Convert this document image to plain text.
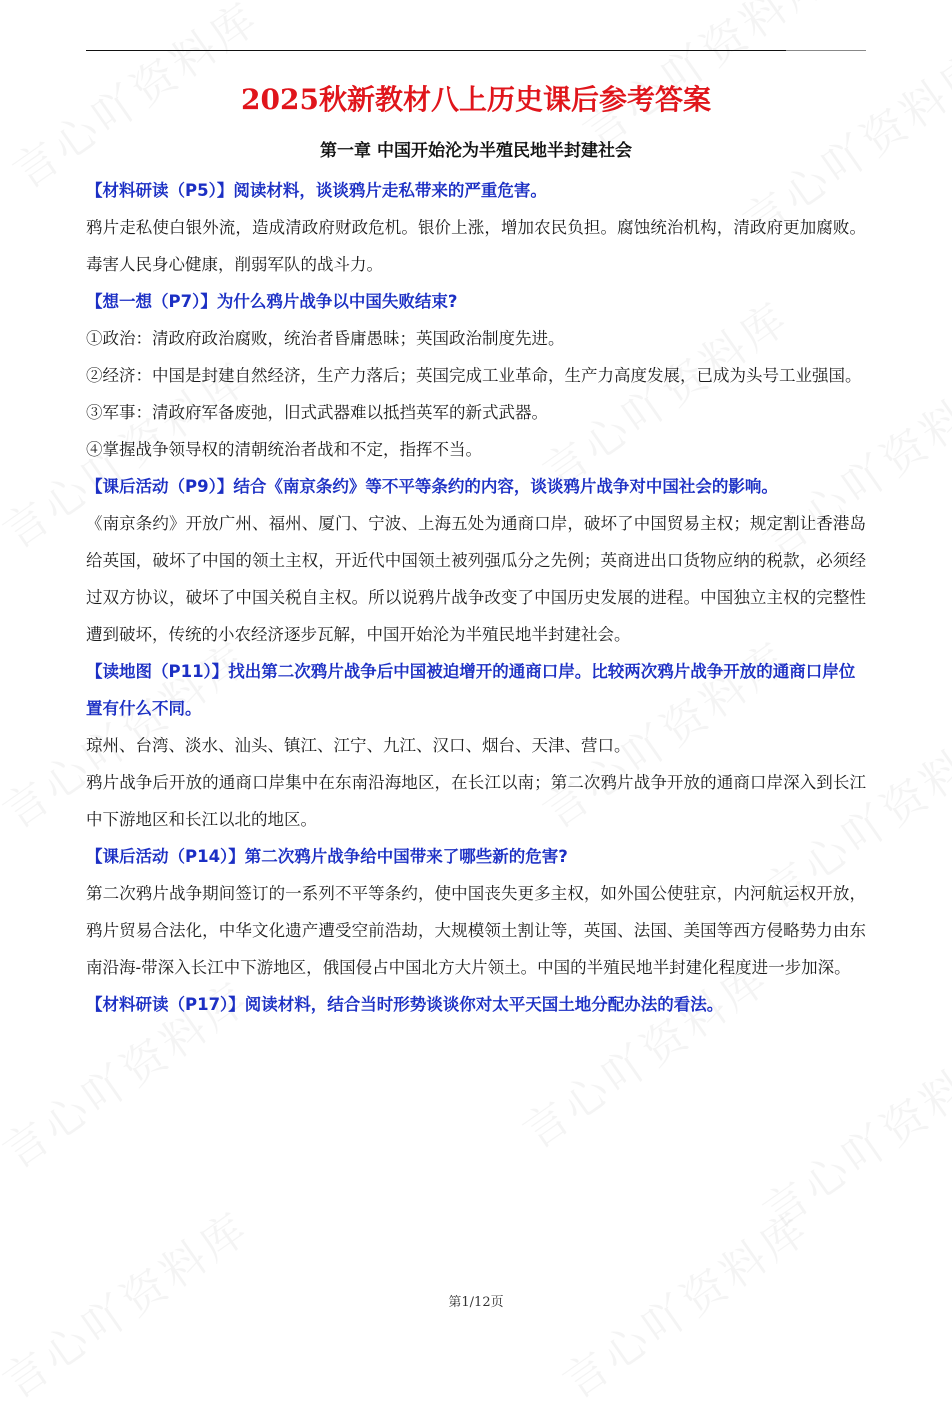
2025秋新教材八上历史课后参考答案
第一章 中国开始沦为半殖民地半封建社会
【材料研读（P5）】阅读材料，谈谈鸦片走私带来的严重危害。
鸦片走私使白银外流，造成清政府财政危机。银价上涨，增加农民负担。腐蚀统治机构，清政府更加腐败。毒害人民身心健康，削弱军队的战斗力。
【想一想（P7）】为什么鸦片战争以中国失败结束?
①政治：清政府政治腐败，统治者昏庸愚昧；英国政治制度先进。
②经济：中国是封建自然经济，生产力落后；英国完成工业革命，生产力高度发展，已成为头号工业强国。
③军事：清政府军备废弛，旧式武器难以抵挡英军的新式武器。
④掌握战争领导权的清朝统治者战和不定，指挥不当。
【课后活动（P9）】结合《南京条约》等不平等条约的内容，谈谈鸦片战争对中国社会的影响。
《南京条约》开放广州、福州、厦门、宁波、上海五处为通商口岸，破坏了中国贸易主权；规定割让香港岛给英国，破坏了中国的领土主权，开近代中国领土被列强瓜分之先例；英商进出口货物应纳的税款，必须经过双方协议，破坏了中国关税自主权。所以说鸦片战争改变了中国历史发展的进程。中国独立主权的完整性遭到破坏，传统的小农经济逐步瓦解，中国开始沦为半殖民地半封建社会。
【读地图（P11）】找出第二次鸦片战争后中国被迫增开的通商口岸。比较两次鸦片战争开放的通商口岸位置有什么不同。
琼州、台湾、淡水、汕头、镇江、江宁、九江、汉口、烟台、天津、营口。
鸦片战争后开放的通商口岸集中在东南沿海地区，在长江以南；第二次鸦片战争开放的通商口岸深入到长江中下游地区和长江以北的地区。
【课后活动（P14）】第二次鸦片战争给中国带来了哪些新的危害?
第二次鸦片战争期间签订的一系列不平等条约，使中国丧失更多主权，如外国公使驻京，内河航运权开放，鸦片贸易合法化，中华文化遗产遭受空前浩劫，大规模领土割让等，英国、法国、美国等西方侵略势力由东南沿海-带深入长江中下游地区，俄国侵占中国北方大片领土。中国的半殖民地半封建化程度进一步加深。
【材料研读（P17）】阅读材料，结合当时形势谈谈你对太平天国土地分配办法的看法。
第1/12页
